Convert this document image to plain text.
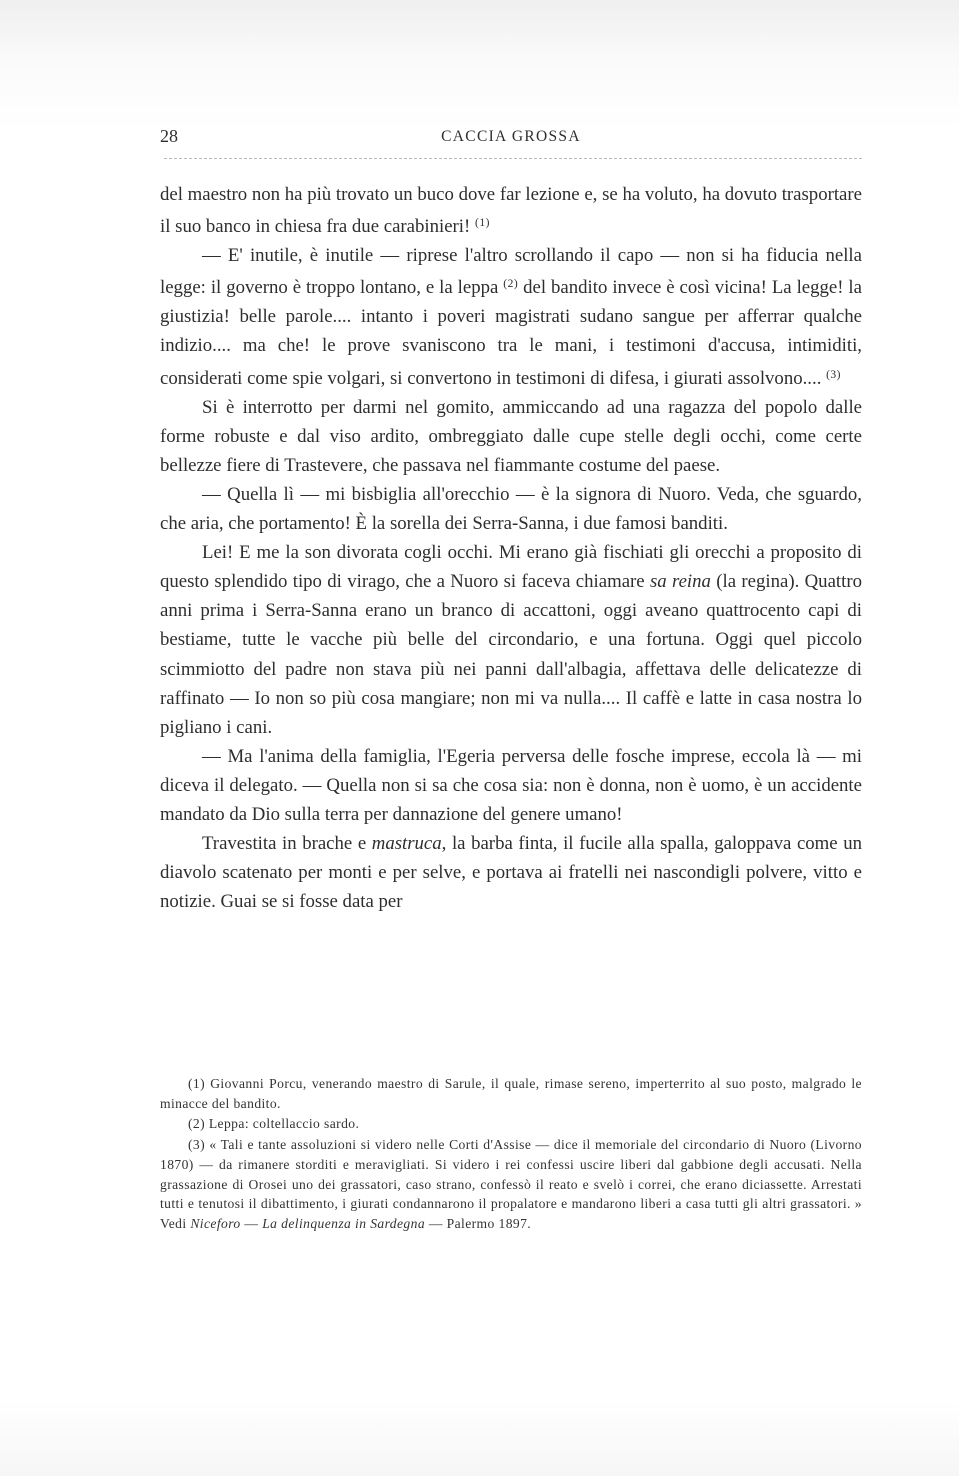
28	CACCIA GROSSA

del maestro non ha più trovato un buco dove far lezione e, se ha voluto, ha dovuto trasportare il suo banco in chiesa fra due carabinieri! $^{(1)}$

— E' inutile, è inutile — riprese l'altro scrollando il capo — non si ha fiducia nella legge: il governo è troppo lontano, e la leppa $^{(2)}$ del bandito invece è così vicina! La legge! la giustizia! belle parole.... intanto i poveri magistrati sudano sangue per afferrar qualche indizio.... ma che! le prove svaniscono tra le mani, i testimoni d'accusa, intimiditi, considerati come spie volgari, si convertono in testimoni di difesa, i giurati assolvono.... $^{(3)}$

Si è interrotto per darmi nel gomito, ammiccando ad una ragazza del popolo dalle forme robuste e dal viso ardito, ombreggiato dalle cupe stelle degli occhi, come certe bellezze fiere di Trastevere, che passava nel fiammante costume del paese.

— Quella lì — mi bisbiglia all'orecchio — è la signora di Nuoro. Veda, che sguardo, che aria, che portamento! È la sorella dei Serra-Sanna, i due famosi banditi.

Lei! E me la son divorata cogli occhi. Mi erano già fischiati gli orecchi a proposito di questo splendido tipo di virago, che a Nuoro si faceva chiamare sa reina (la regina). Quattro anni prima i Serra-Sanna erano un branco di accattoni, oggi aveano quattrocento capi di bestiame, tutte le vacche più belle del circondario, e una fortuna. Oggi quel piccolo scimmiotto del padre non stava più nei panni dall'albagia, affettava delle delicatezze di raffinato — Io non so più cosa mangiare; non mi va nulla.... Il caffè e latte in casa nostra lo pigliano i cani.

— Ma l'anima della famiglia, l'Egeria perversa delle fosche imprese, eccola là — mi diceva il delegato. — Quella non si sa che cosa sia: non è donna, non è uomo, è un accidente mandato da Dio sulla terra per dannazione del genere umano!

Travestita in brache e mastruca, la barba finta, il fucile alla spalla, galoppava come un diavolo scatenato per monti e per selve, e portava ai fratelli nei nascondigli polvere, vitto e notizie. Guai se si fosse data per

(1) Giovanni Porcu, venerando maestro di Sarule, il quale, rimase sereno, imperterrito al suo posto, malgrado le minacce del bandito.

(2) Leppa: coltellaccio sardo.

(3) « Tali e tante assoluzioni si videro nelle Corti d'Assise — dice il memoriale del circondario di Nuoro (Livorno 1870) — da rimanere storditi e meravigliati. Si videro i rei confessi uscire liberi dal gabbione degli accusati. Nella grassazione di Orosei uno dei grassatori, caso strano, confessò il reato e svelò i correi, che erano diciassette. Arrestati tutti e tenutosi il dibattimento, i giurati condannarono il propalatore e mandarono liberi a casa tutti gli altri grassatori. » Vedi Niceforo — La delinquenza in Sardegna — Palermo 1897.
